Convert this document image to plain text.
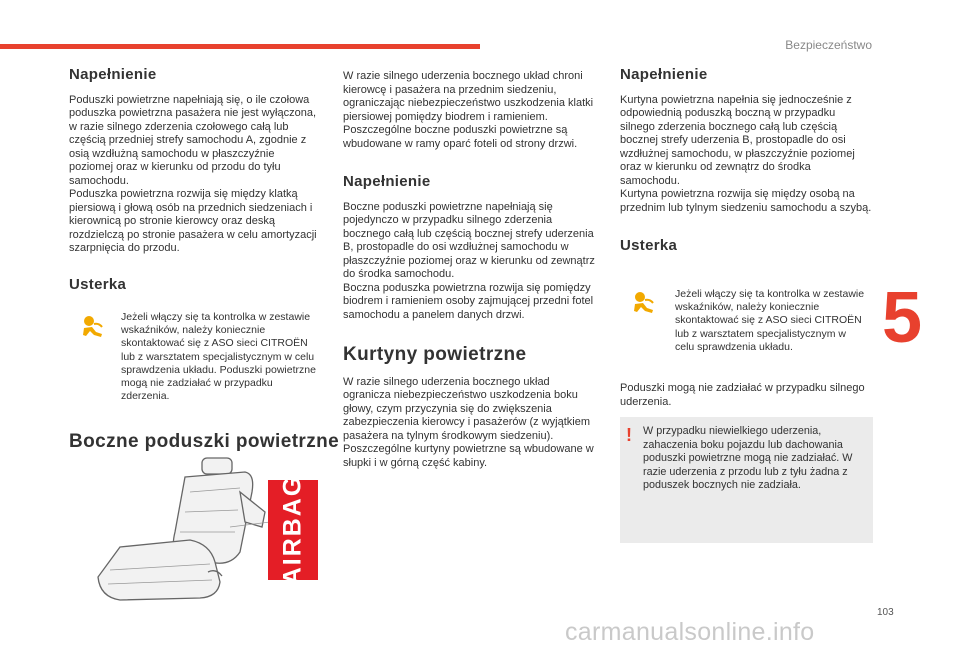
Bezpieczeństwo
5
Napełnienie

Poduszki powietrzne napełniają się, o ile czołowa poduszka powietrzna pasażera nie jest wyłączona, w razie silnego zderzenia czołowego całą lub częścią przedniej strefy samochodu A, zgodnie z osią wzdłużną samochodu w płaszczyźnie poziomej oraz w kierunku od przodu do tyłu samochodu.

Poduszka powietrzna rozwija się między klatką piersiową i głową osób na przednich siedzeniach i kierownicą po stronie kierowcy oraz deską rozdzielczą po stronie pasażera w celu amortyzacji szarpnięcia do przodu.

Usterka
Jeżeli włączy się ta kontrolka w zestawie wskaźników, należy koniecznie skontaktować się z ASO sieci CITROËN lub z warsztatem specjalistycznym w celu sprawdzenia układu. Poduszki powietrzne mogą nie zadziałać w przypadku zderzenia.
Boczne poduszki powietrzne
AIRBAG

W razie silnego uderzenia bocznego układ chroni kierowcę i pasażera na przednim siedzeniu, ograniczając niebezpieczeństwo uszkodzenia klatki piersiowej pomiędzy biodrem i ramieniem.

Poszczególne boczne poduszki powietrzne są wbudowane w ramy oparć foteli od strony drzwi.

Napełnienie

Boczne poduszki powietrzne napełniają się pojedynczo w przypadku silnego zderzenia bocznego całą lub częścią bocznej strefy uderzenia B, prostopadle do osi wzdłużnej samochodu w płaszczyźnie poziomej oraz w kierunku od zewnątrz do środka samochodu.

Boczna poduszka powietrzna rozwija się pomiędzy biodrem i ramieniem osoby zajmującej przedni fotel samochodu a panelem danych drzwi.

Kurtyny powietrzne

W razie silnego uderzenia bocznego układ ogranicza niebezpieczeństwo uszkodzenia boku głowy, czym przyczynia się do zwiększenia zabezpieczenia kierowcy i pasażerów (z wyjątkiem pasażera na tylnym środkowym siedzeniu).

Poszczególne kurtyny powietrzne są wbudowane w słupki i w górną część kabiny.

Napełnienie

Kurtyna powietrzna napełnia się jednocześnie z odpowiednią poduszką boczną w przypadku silnego zderzenia bocznego całą lub częścią bocznej strefy uderzenia B, prostopadle do osi wzdłużnej samochodu, w płaszczyźnie poziomej oraz w kierunku od zewnątrz do środka samochodu.

Kurtyna powietrzna rozwija się między osobą na przednim lub tylnym siedzeniu samochodu a szybą.

Usterka
Jeżeli włączy się ta kontrolka w zestawie wskaźników, należy koniecznie skontaktować się z ASO sieci CITROËN lub z warsztatem specjalistycznym w celu sprawdzenia układu.
Poduszki mogą nie zadziałać w przypadku silnego uderzenia.
! W przypadku niewielkiego uderzenia, zahaczenia boku pojazdu lub dachowania poduszki powietrzne mogą nie zadziałać. W razie uderzenia z przodu lub z tyłu żadna z poduszek bocznych nie zadziała.
103
carmanualsonline.info
